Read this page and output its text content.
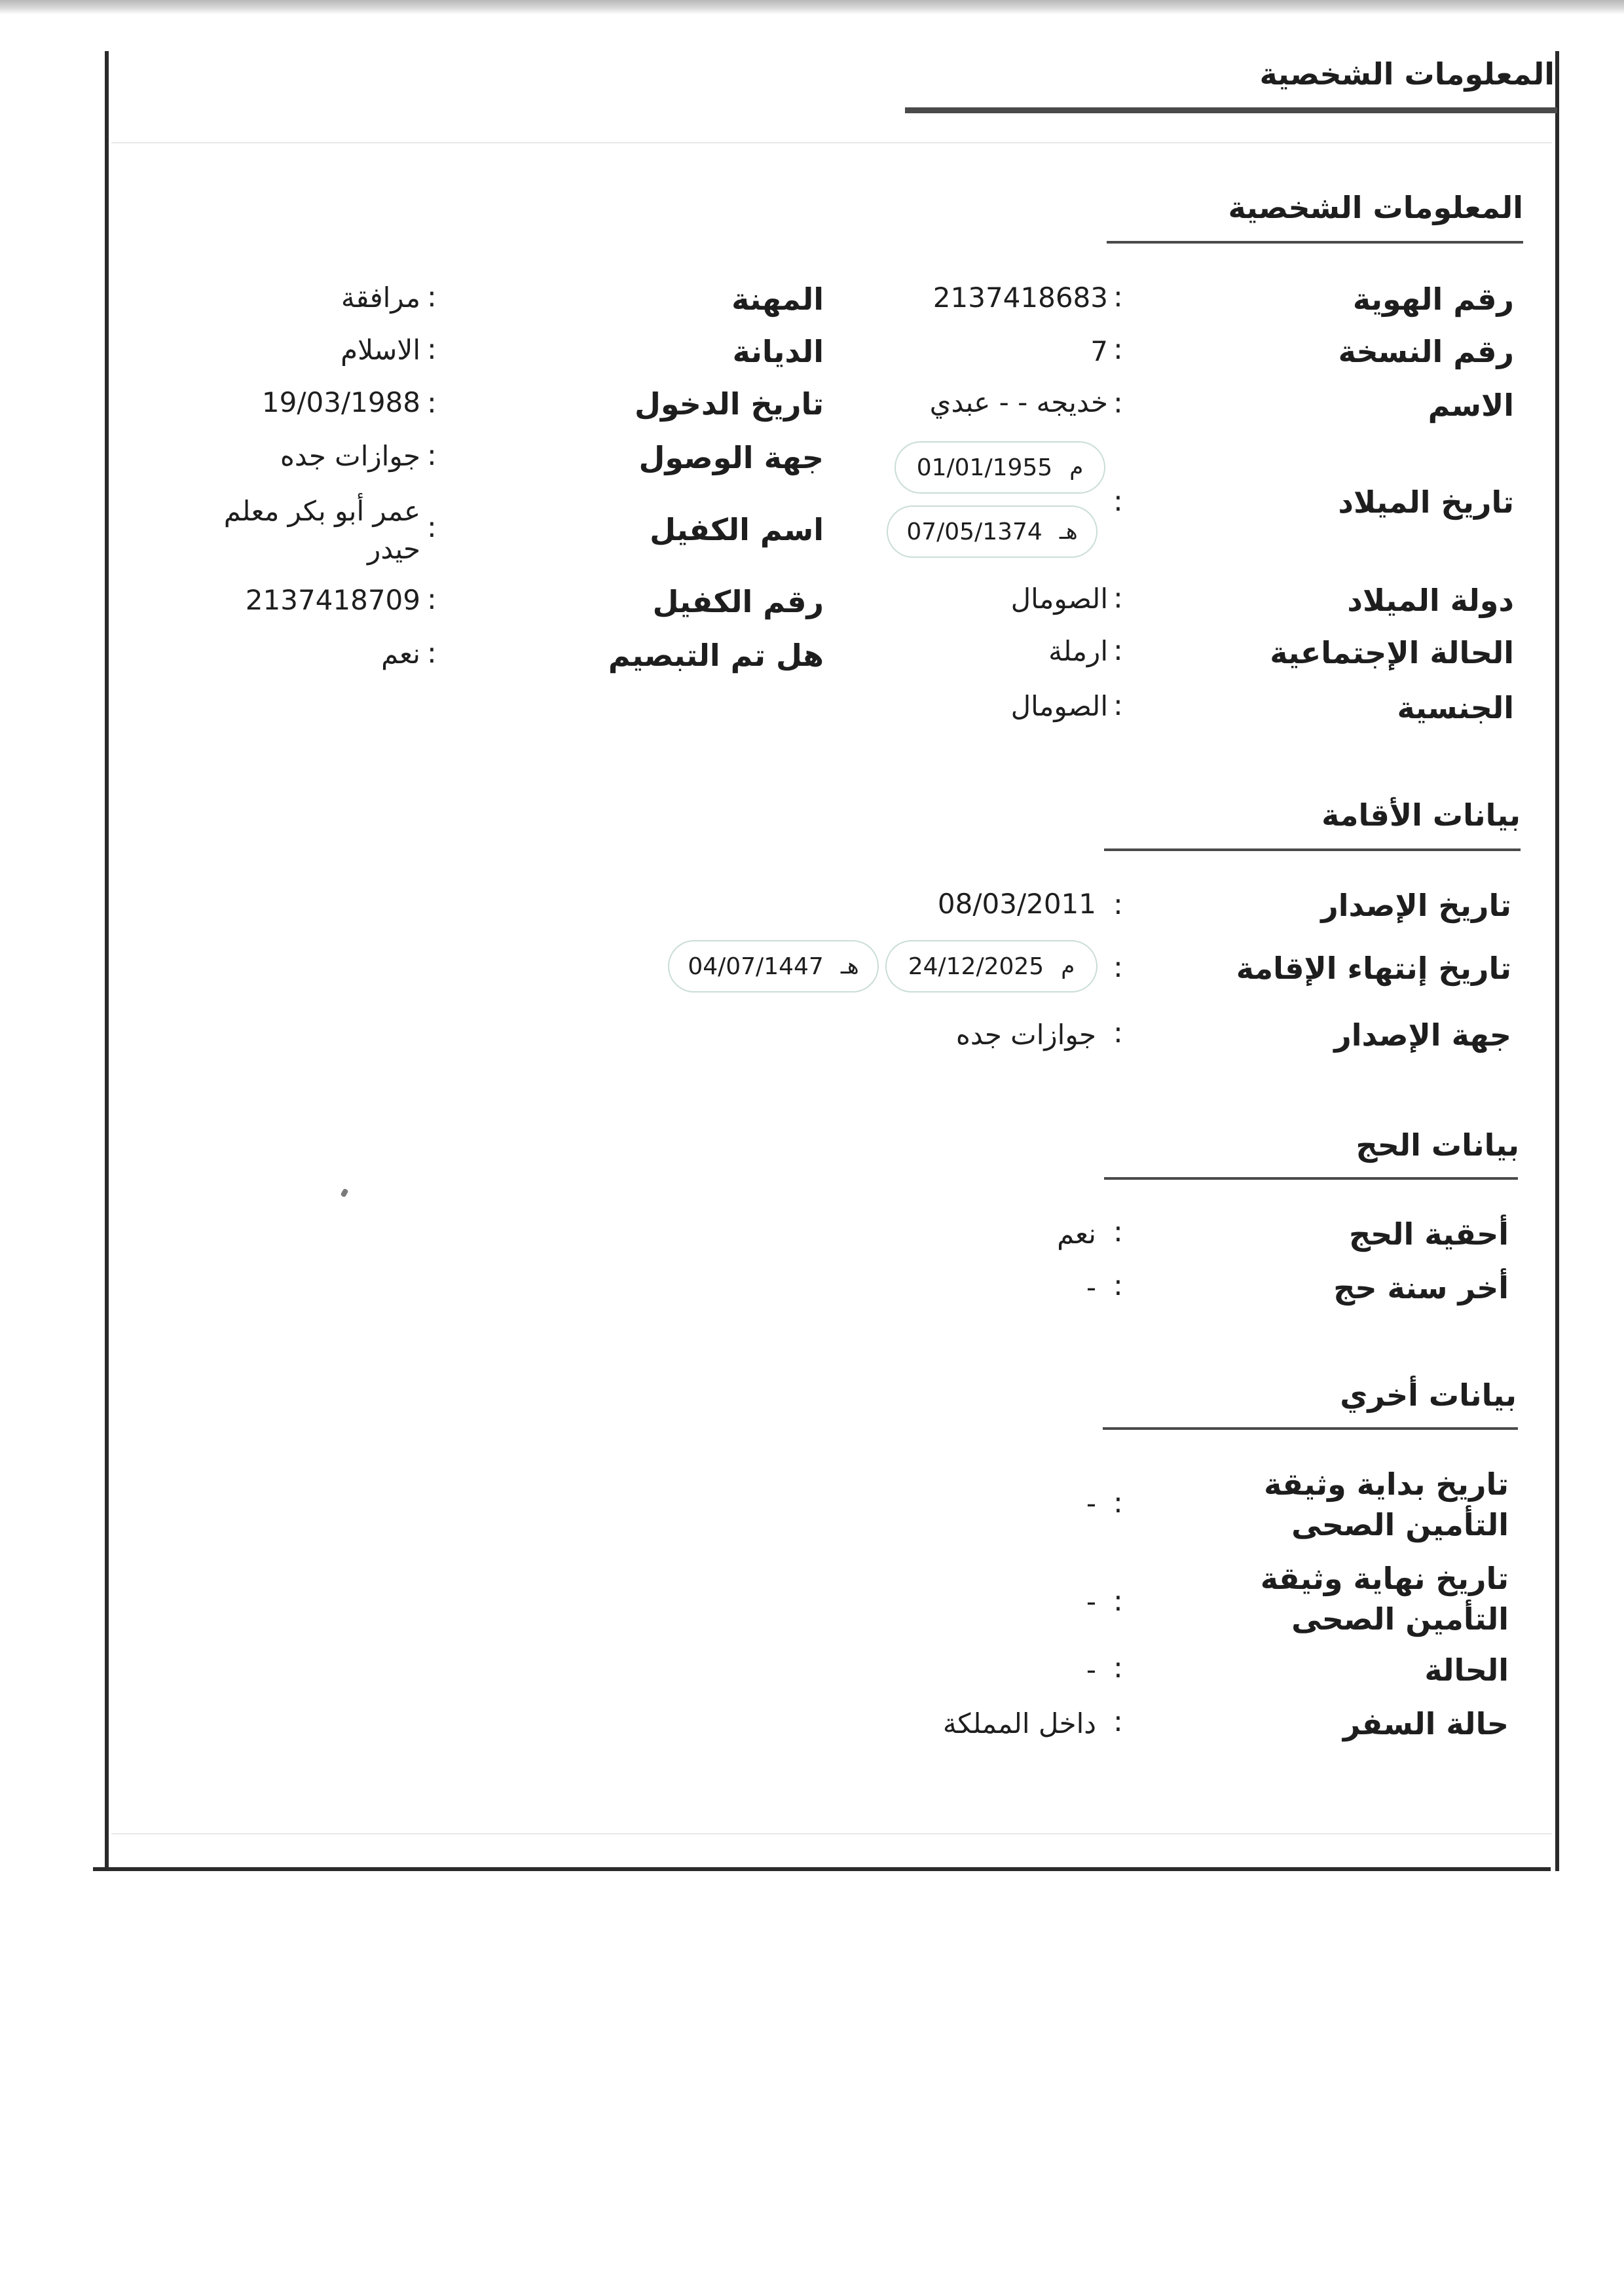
المعلومات الشخصية
المعلومات الشخصية
رقم الهوية
رقم النسخة
الاسم
تاريخ الميلاد
دولة الميلاد
الحالة الإجتماعية
الجنسية
:
:
:
:
:
:
:
2137418683
7
خديجه - - عبدي
م
01/01/1955
هـ
07/05/1374
الصومال
ارملة
الصومال
المهنة
الديانة
تاريخ الدخول
جهة الوصول
اسم الكفيل
رقم الكفيل
هل تم التبصيم
:
:
:
:
:
:
:
مرافقة
الاسلام
19/03/1988
جوازات جده
عمر أبو بكر معلم حيدر
2137418709
نعم
بيانات الأقامة
تاريخ الإصدار
:
08/03/2011
تاريخ إنتهاء الإقامة
:
م
24/12/2025
هـ
04/07/1447
جهة الإصدار
:
جوازات جده
بيانات الحج
أحقية الحج
:
نعم
أخر سنة حج
:
-
بيانات أخري
تاريخ بداية وثيقة التأمين الصحى
:
-
تاريخ نهاية وثيقة التأمين الصحى
:
-
الحالة
:
-
حالة السفر
:
داخل المملكة
